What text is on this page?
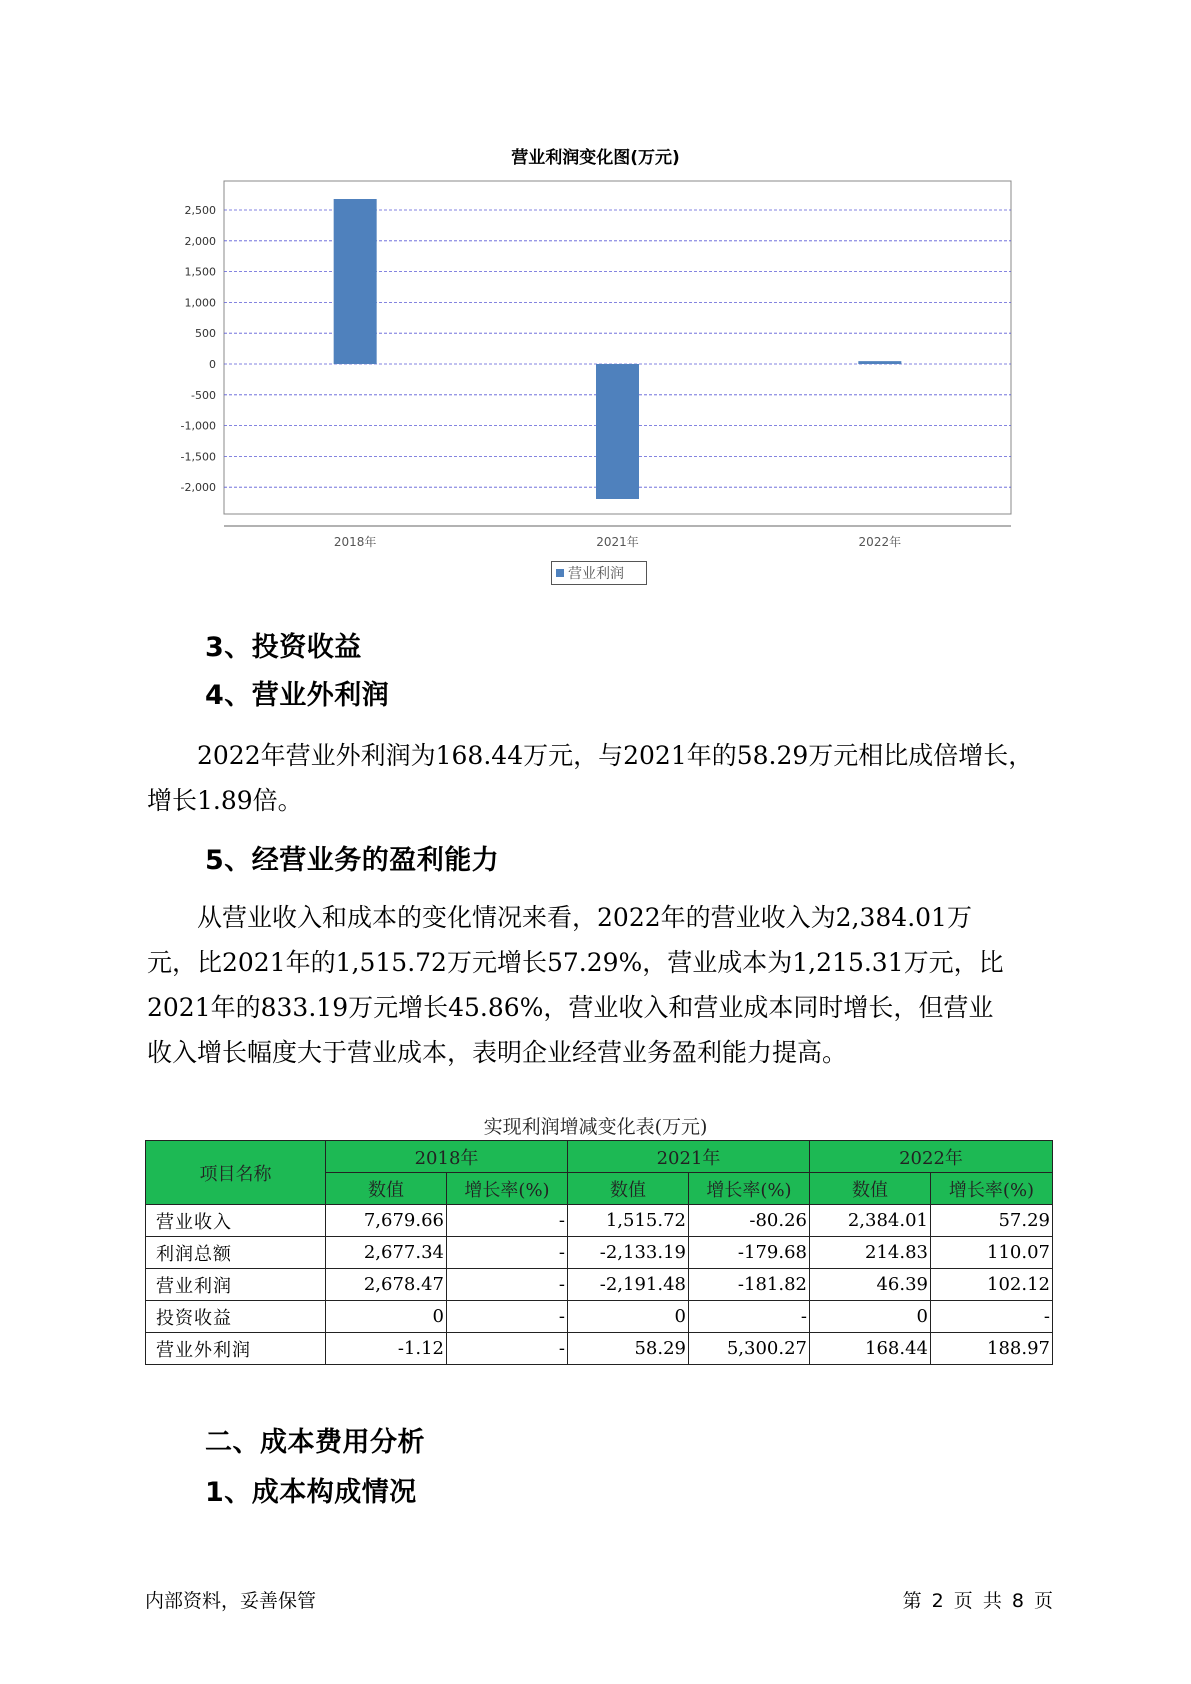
营业利润变化图(万元)
2,500
2,000
1,500
1,000
500
0
-500
-1,000
-1,500
-2,000
2018年	2021年	2022年
营业利润
3、投资收益
4、营业外利润

　　2022年营业外利润为168.44万元，与2021年的58.29万元相比成倍增长，
增长1.89倍。

5、经营业务的盈利能力

　　从营业收入和成本的变化情况来看，2022年的营业收入为2,384.01万
元，比2021年的1,515.72万元增长57.29%，营业成本为1,215.31万元，比
2021年的833.19万元增长45.86%，营业收入和营业成本同时增长，但营业
收入增长幅度大于营业成本，表明企业经营业务盈利能力提高。

实现利润增减变化表(万元)
项目名称	2018年		2021年		2022年	
	数值	增长率(%)	数值	增长率(%)	数值	增长率(%)
营业收入	7,679.66	-	1,515.72	-80.26	2,384.01	57.29
利润总额	2,677.34	-	-2,133.19	-179.68	214.83	110.07
营业利润	2,678.47	-	-2,191.48	-181.82	46.39	102.12
投资收益	0	-	0	-	0	-
营业外利润	-1.12	-	58.29	5,300.27	168.44	188.97
二、成本费用分析
1、成本构成情况
内部资料，妥善保管	第 2 页 共 8 页
